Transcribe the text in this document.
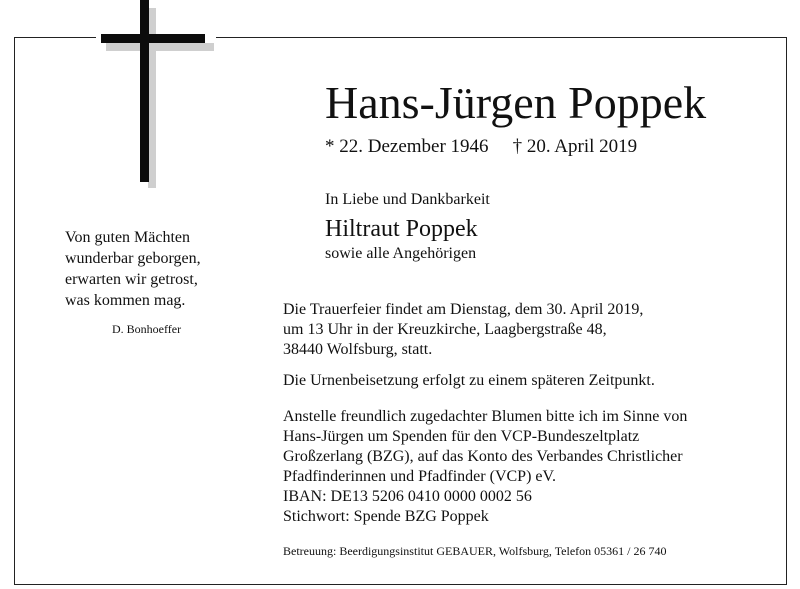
Hans-Jürgen Poppek
* 22. Dezember 1946 † 20. April 2019
In Liebe und Dankbarkeit
Hiltraut Poppek
sowie alle Angehörigen
Von guten Mächten
wunderbar geborgen,
erwarten wir getrost,
was kommen mag.
D. Bonhoeffer
Die Trauerfeier findet am Dienstag, dem 30. April 2019,
um 13 Uhr in der Kreuzkirche, Laagbergstraße 48,
38440 Wolfsburg, statt.
Die Urnenbeisetzung erfolgt zu einem späteren Zeitpunkt.
Anstelle freundlich zugedachter Blumen bitte ich im Sinne von
Hans-Jürgen um Spenden für den VCP-Bundeszeltplatz
Großzerlang (BZG), auf das Konto des Verbandes Christlicher
Pfadfinderinnen und Pfadfinder (VCP) eV.
IBAN: DE13 5206 0410 0000 0002 56
Stichwort: Spende BZG Poppek
Betreuung: Beerdigungsinstitut GEBAUER, Wolfsburg, Telefon 05361 / 26 740
